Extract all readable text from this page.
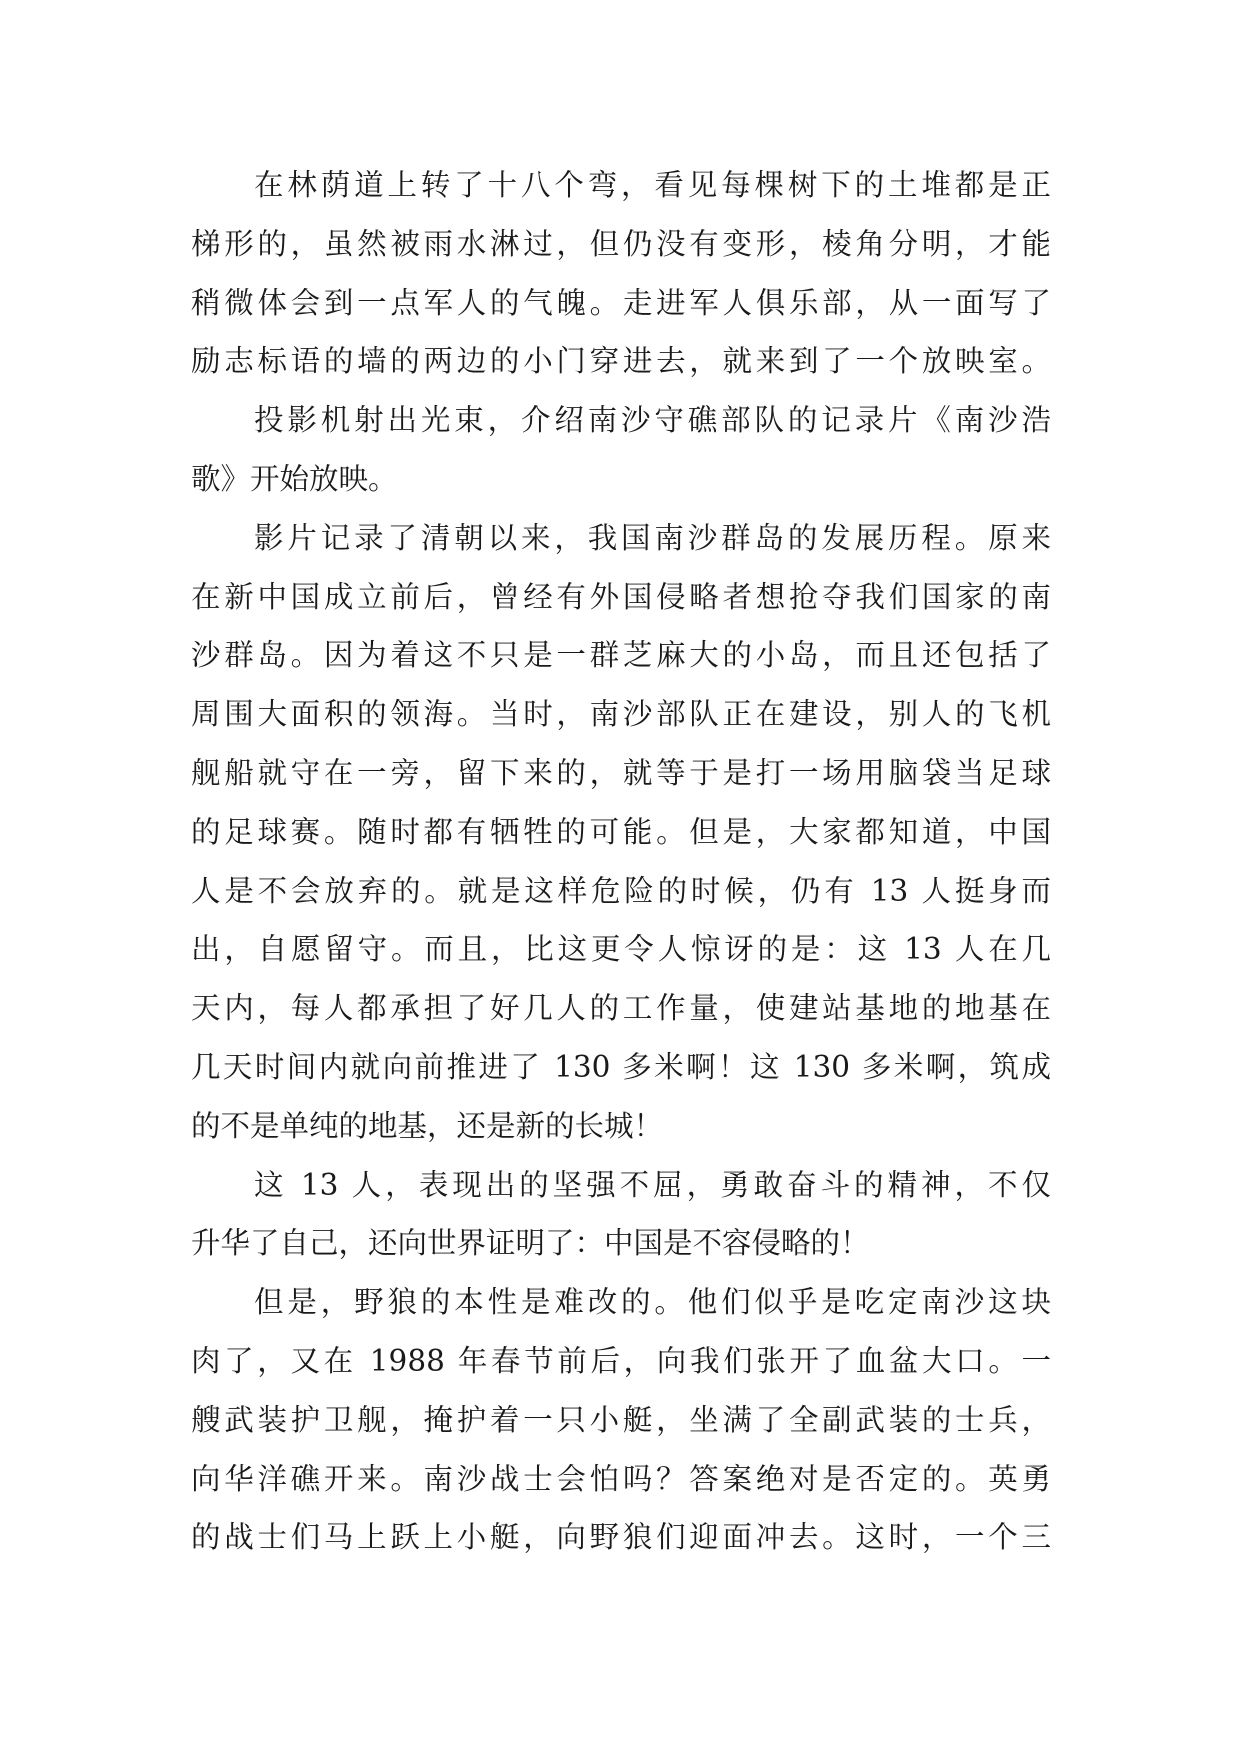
在林荫道上转了十八个弯，看见每棵树下的土堆都是正
梯形的，虽然被雨水淋过，但仍没有变形，棱角分明，才能
稍微体会到一点军人的气魄。走进军人俱乐部，从一面写了
励志标语的墙的两边的小门穿进去，就来到了一个放映室。
投影机射出光束，介绍南沙守礁部队的记录片《南沙浩
歌》开始放映。
影片记录了清朝以来，我国南沙群岛的发展历程。原来
在新中国成立前后，曾经有外国侵略者想抢夺我们国家的南
沙群岛。因为着这不只是一群芝麻大的小岛，而且还包括了
周围大面积的领海。当时，南沙部队正在建设，别人的飞机
舰船就守在一旁，留下来的，就等于是打一场用脑袋当足球
的足球赛。随时都有牺牲的可能。但是，大家都知道，中国
人是不会放弃的。就是这样危险的时候，仍有 13 人挺身而
出，自愿留守。而且，比这更令人惊讶的是：这 13 人在几
天内，每人都承担了好几人的工作量，使建站基地的地基在
几天时间内就向前推进了 130 多米啊！这 130 多米啊，筑成
的不是单纯的地基，还是新的长城！
这 13 人，表现出的坚强不屈，勇敢奋斗的精神，不仅
升华了自己，还向世界证明了：中国是不容侵略的！
但是，野狼的本性是难改的。他们似乎是吃定南沙这块
肉了，又在 1988 年春节前后，向我们张开了血盆大口。一
艘武装护卫舰，掩护着一只小艇，坐满了全副武装的士兵，
向华洋礁开来。南沙战士会怕吗？答案绝对是否定的。英勇
的战士们马上跃上小艇，向野狼们迎面冲去。这时，一个三
